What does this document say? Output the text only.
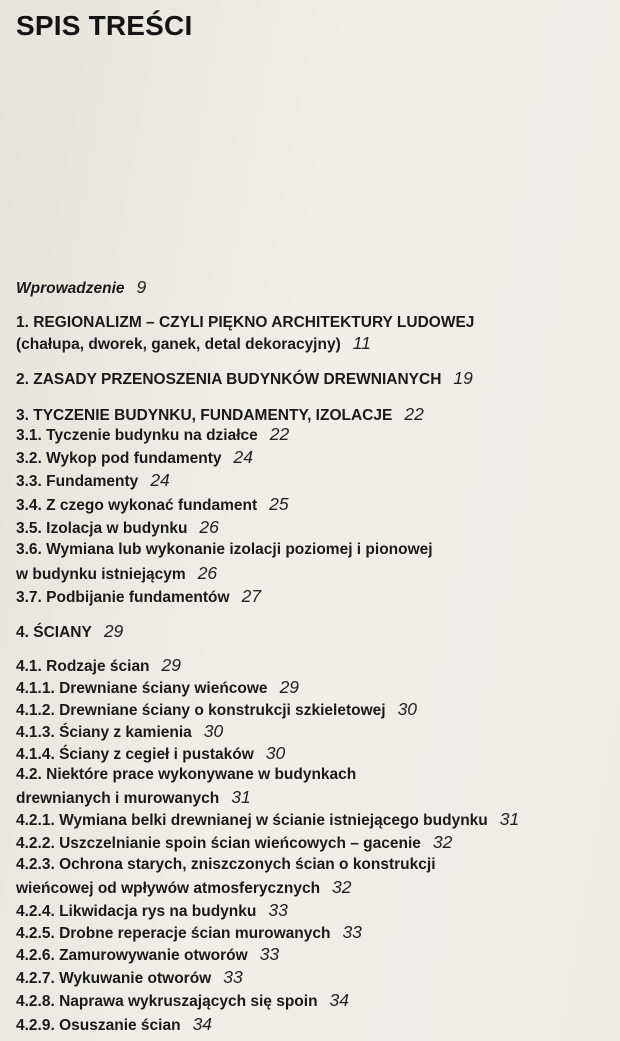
SPIS TREŚCI
Wprowadzenie 9
1. REGIONALIZM – CZYLI PIĘKNO ARCHITEKTURY LUDOWEJ
(chałupa, dworek, ganek, detal dekoracyjny) 11
2. ZASADY PRZENOSZENIA BUDYNKÓW DREWNIANYCH 19
3. TYCZENIE BUDYNKU, FUNDAMENTY, IZOLACJE 22
3.1. Tyczenie budynku na działce 22
3.2. Wykop pod fundamenty 24
3.3. Fundamenty 24
3.4. Z czego wykonać fundament 25
3.5. Izolacja w budynku 26
3.6. Wymiana lub wykonanie izolacji poziomej i pionowej
w budynku istniejącym 26
3.7. Podbijanie fundamentów 27
4. ŚCIANY 29
4.1. Rodzaje ścian 29
4.1.1. Drewniane ściany wieńcowe 29
4.1.2. Drewniane ściany o konstrukcji szkieletowej 30
4.1.3. Ściany z kamienia 30
4.1.4. Ściany z cegieł i pustaków 30
4.2. Niektóre prace wykonywane w budynkach
drewnianych i murowanych 31
4.2.1. Wymiana belki drewnianej w ścianie istniejącego budynku 31
4.2.2. Uszczelnianie spoin ścian wieńcowych – gacenie 32
4.2.3. Ochrona starych, zniszczonych ścian o konstrukcji
wieńcowej od wpływów atmosferycznych 32
4.2.4. Likwidacja rys na budynku 33
4.2.5. Drobne reperacje ścian murowanych 33
4.2.6. Zamurowywanie otworów 33
4.2.7. Wykuwanie otworów 33
4.2.8. Naprawa wykruszających się spoin 34
4.2.9. Osuszanie ścian 34
